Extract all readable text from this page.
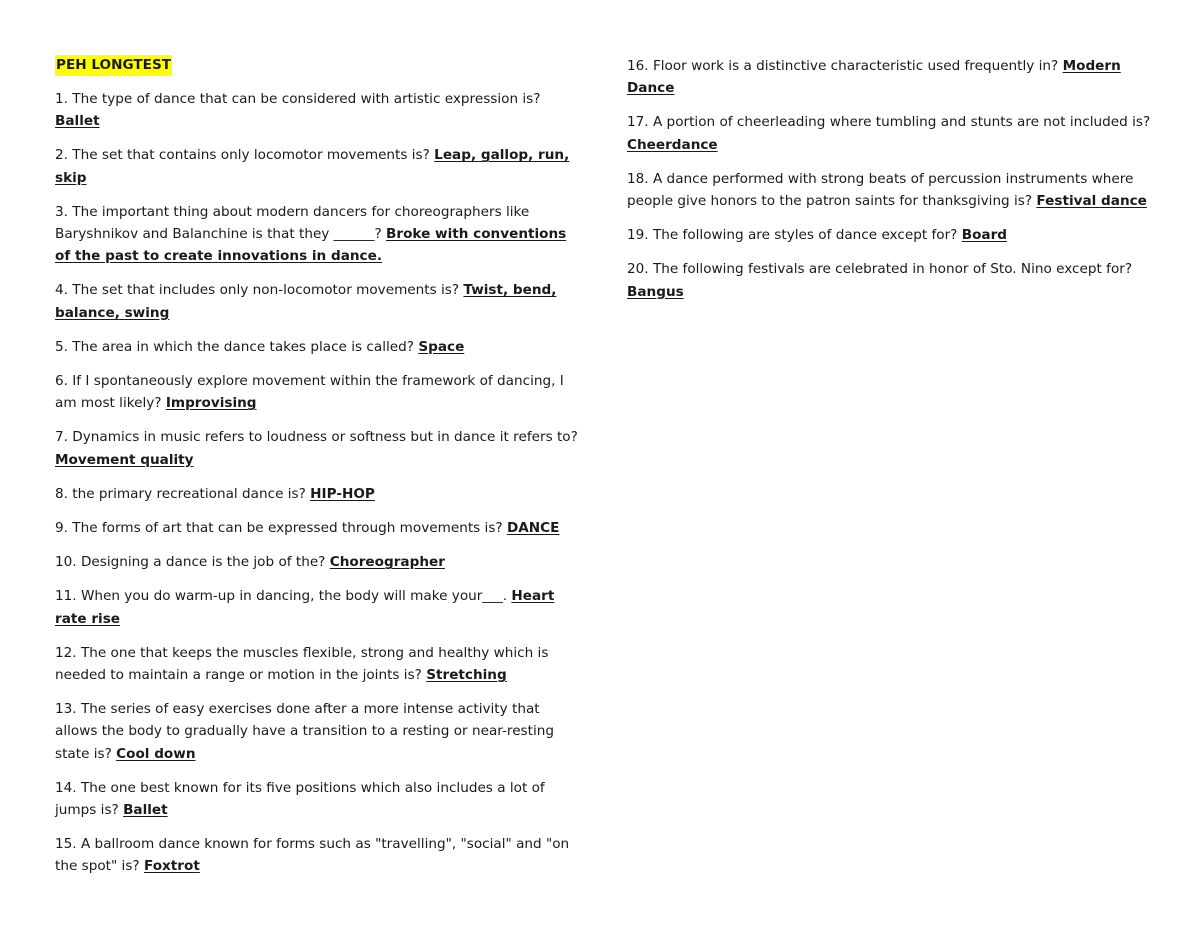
PEH LONGTEST

1. The type of dance that can be considered with artistic expression is? Ballet

2. The set that contains only locomotor movements is? Leap, gallop, run, skip

3. The important thing about modern dancers for choreographers like Baryshnikov and Balanchine is that they ______? Broke with conventions of the past to create innovations in dance.

4. The set that includes only non-locomotor movements is? Twist, bend, balance, swing

5. The area in which the dance takes place is called? Space

6. If I spontaneously explore movement within the framework of dancing, I am most likely? Improvising

7. Dynamics in music refers to loudness or softness but in dance it refers to? Movement quality

8. the primary recreational dance is? HIP-HOP

9. The forms of art that can be expressed through movements is? DANCE

10. Designing a dance is the job of the? Choreographer

11. When you do warm-up in dancing, the body will make your___. Heart rate rise

12. The one that keeps the muscles flexible, strong and healthy which is needed to maintain a range or motion in the joints is? Stretching

13. The series of easy exercises done after a more intense activity that allows the body to gradually have a transition to a resting or near-resting state is? Cool down

14. The one best known for its five positions which also includes a lot of jumps is? Ballet

15. A ballroom dance known for forms such as "travelling", "social" and "on the spot" is? Foxtrot

16. Floor work is a distinctive characteristic used frequently in? Modern Dance

17. A portion of cheerleading where tumbling and stunts are not included is? Cheerdance

18. A dance performed with strong beats of percussion instruments where people give honors to the patron saints for thanksgiving is? Festival dance

19. The following are styles of dance except for? Board

20. The following festivals are celebrated in honor of Sto. Nino except for? Bangus
